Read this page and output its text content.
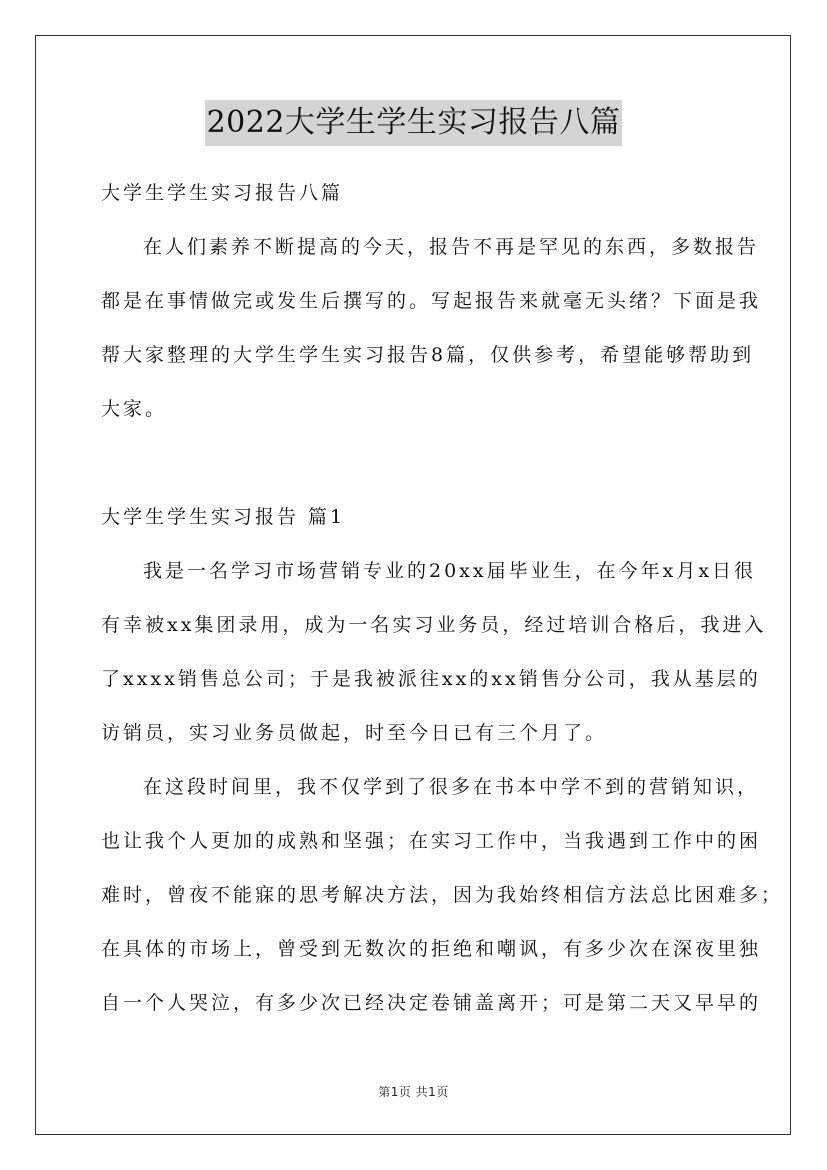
2022大学生学生实习报告八篇
大学生学生实习报告八篇
在人们素养不断提高的今天，报告不再是罕见的东西，多数报告
都是在事情做完或发生后撰写的。写起报告来就毫无头绪？下面是我
帮大家整理的大学生学生实习报告8篇，仅供参考，希望能够帮助到
大家。
大学生学生实习报告 篇1
我是一名学习市场营销专业的20xx届毕业生，在今年x月x日很
有幸被xx集团录用，成为一名实习业务员，经过培训合格后，我进入
了xxxx销售总公司；于是我被派往xx的xx销售分公司，我从基层的
访销员，实习业务员做起，时至今日已有三个月了。
在这段时间里，我不仅学到了很多在书本中学不到的营销知识，
也让我个人更加的成熟和坚强；在实习工作中，当我遇到工作中的困
难时，曾夜不能寐的思考解决方法，因为我始终相信方法总比困难多；
在具体的市场上，曾受到无数次的拒绝和嘲讽，有多少次在深夜里独
自一个人哭泣，有多少次已经决定卷铺盖离开；可是第二天又早早的
第1页 共1页
